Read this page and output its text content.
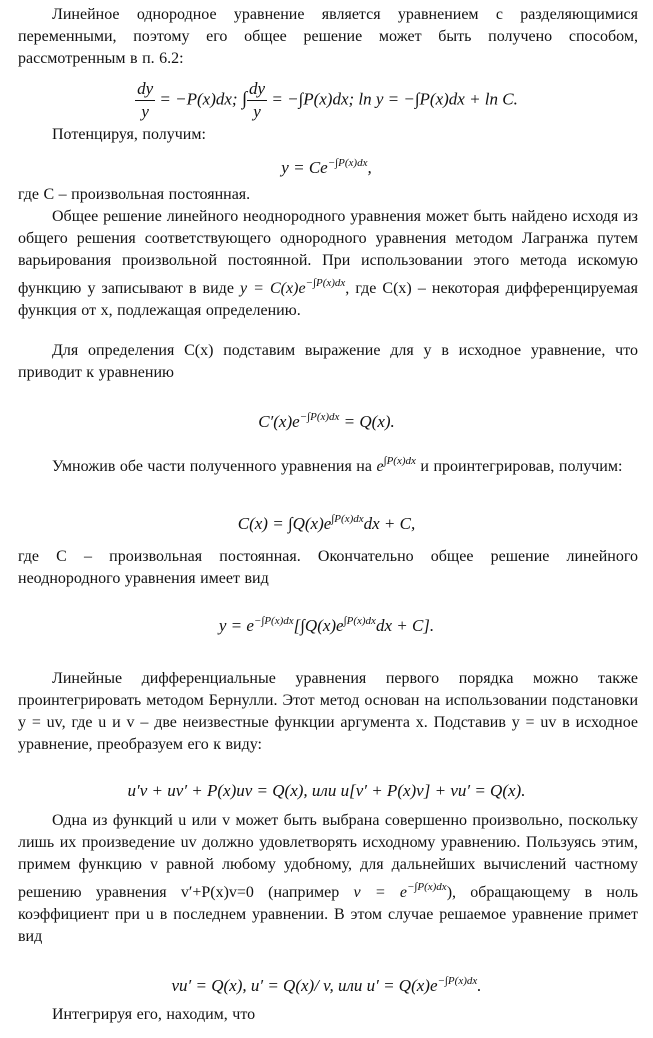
Линейное однородное уравнение является уравнением с разделяющимися переменными, поэтому его общее решение может быть получено способом, рассмотренным в п. 6.2:

$\frac{dy}{y} = -P(x)dx$; ∫ $\frac{dy}{y} = -\int P(x)dx$; ln y = −∫P(x)dx + ln C.

Потенцируя, получим:

$y = Ce^{-\int P(x)dx}$,

где C – произвольная постоянная.

Общее решение линейного неоднородного уравнения может быть найдено исходя из общего решения соответствующего однородного уравнения методом Лагранжа путем варьирования произвольной постоянной. При использовании этого метода искомую функцию y записывают в виде $y = C(x)e^{-\int P(x)dx}$, где C(x) – некоторая дифференцируемая функция от x, подлежащая определению.

Для определения C(x) подставим выражение для y в исходное уравнение, что приводит к уравнению

$C'(x)e^{-\int P(x)dx} = Q(x)$.

Умножив обе части полученного уравнения на $e^{\int P(x)dx}$ и проинтегрировав, получим:

$C(x) = \int Q(x)e^{\int P(x)dx}dx + C$,

где C – произвольная постоянная. Окончательно общее решение линейного неоднородного уравнения имеет вид

$y = e^{-\int P(x)dx}[\int Q(x)e^{\int P(x)dx}dx + C]$.

Линейные дифференциальные уравнения первого порядка можно также проинтегрировать методом Бернулли. Этот метод основан на использовании подстановки y = uv, где u и v – две неизвестные функции аргумента x. Подставив y = uv в исходное уравнение, преобразуем его к виду:

u′v + uv′ + P(x)uv = Q(x), или u[v′ + P(x)v] + vu′ = Q(x).

Одна из функций u или v может быть выбрана совершенно произвольно, поскольку лишь их произведение uv должно удовлетворять исходному уравнению. Пользуясь этим, примем функцию v равной любому удобному, для дальнейших вычислений частному решению уравнения v′+P(x)v=0 (например $v = e^{-\int P(x)dx}$), обращающему в ноль коэффициент при u в последнем уравнении. В этом случае решаемое уравнение примет вид

vu′ = Q(x), u′ = Q(x)/ v, или $u' = Q(x)e^{-\int P(x)dx}$.

Интегрируя его, находим, что
